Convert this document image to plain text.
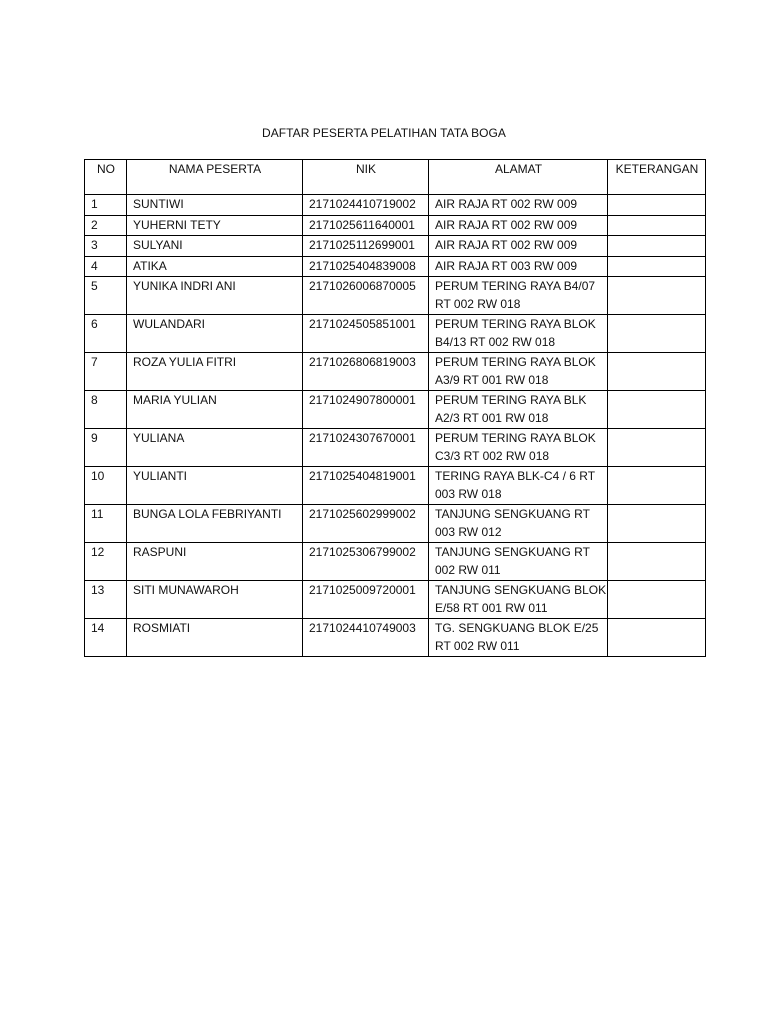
DAFTAR PESERTA PELATIHAN TATA BOGA
NO	NAMA PESERTA	NIK	ALAMAT	KETERANGAN
1	SUNTIWI	2171024410719002	AIR RAJA RT 002 RW 009	

2	YUHERNI TETY	2171025611640001	AIR RAJA RT 002 RW 009	

3	SULYANI	2171025112699001	AIR RAJA RT 002 RW 009	

4	ATIKA	2171025404839008	AIR RAJA RT 003 RW 009	

5	YUNIKA INDRI ANI	2171026006870005	PERUM TERING RAYA B4/07
RT 002 RW 018	

6	WULANDARI	2171024505851001	PERUM TERING RAYA BLOK
B4/13 RT 002 RW 018	

7	ROZA YULIA FITRI	2171026806819003	PERUM TERING RAYA BLOK
A3/9 RT 001 RW 018	

8	MARIA YULIAN	2171024907800001	PERUM TERING RAYA BLK
A2/3 RT 001 RW 018	

9	YULIANA	2171024307670001	PERUM TERING RAYA BLOK
C3/3 RT 002 RW 018	

10	YULIANTI	2171025404819001	TERING RAYA BLK-C4 / 6 RT
003 RW 018	

11	BUNGA LOLA FEBRIYANTI	2171025602999002	TANJUNG SENGKUANG RT
003 RW 012	

12	RASPUNI	2171025306799002	TANJUNG SENGKUANG RT
002 RW 011	

13	SITI MUNAWAROH	2171025009720001	TANJUNG SENGKUANG BLOK
E/58 RT 001 RW 011	

14	ROSMIATI	2171024410749003	TG. SENGKUANG BLOK E/25
RT 002 RW 011	
